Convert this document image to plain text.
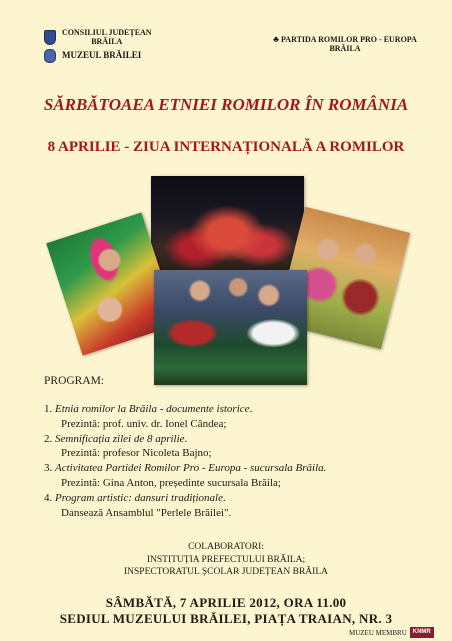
CONSILIUL JUDEȚEAN
BRĂILA
MUZEUL BRĂILEI
♣ PARTIDA ROMILOR PRO - EUROPA
BRĂILA
SĂRBĂTOAEA ETNIEI ROMILOR ÎN ROMÂNIA
8 APRILIE - ZIUA INTERNAȚIONALĂ A ROMILOR
PROGRAM:
1. Etnia romilor la Brăila - documente istorice.
Prezintă: prof. univ. dr. Ionel Cândea;
2. Semnificația zilei de 8 aprilie.
Prezintă: profesor Nicoleta Bajno;
3. Activitatea Partidei Romilor Pro - Europa - sucursala Brăila.
Prezintă: Gina Anton, președinte sucursala Brăila;
4. Program artistic: dansuri tradiționale.
Dansează Ansamblul "Perlele Brăilei".
COLABORATORI:
INSTITUȚIA PREFECTULUI BRĂILA;
INSPECTORATUL ȘCOLAR JUDEȚEAN BRĂILA
SÂMBĂTĂ, 7 APRILIE 2012, ORA 11.00
SEDIUL MUZEULUI BRĂILEI, PIAȚA TRAIAN, NR. 3
MUZEU MEMBRU	KNMR
